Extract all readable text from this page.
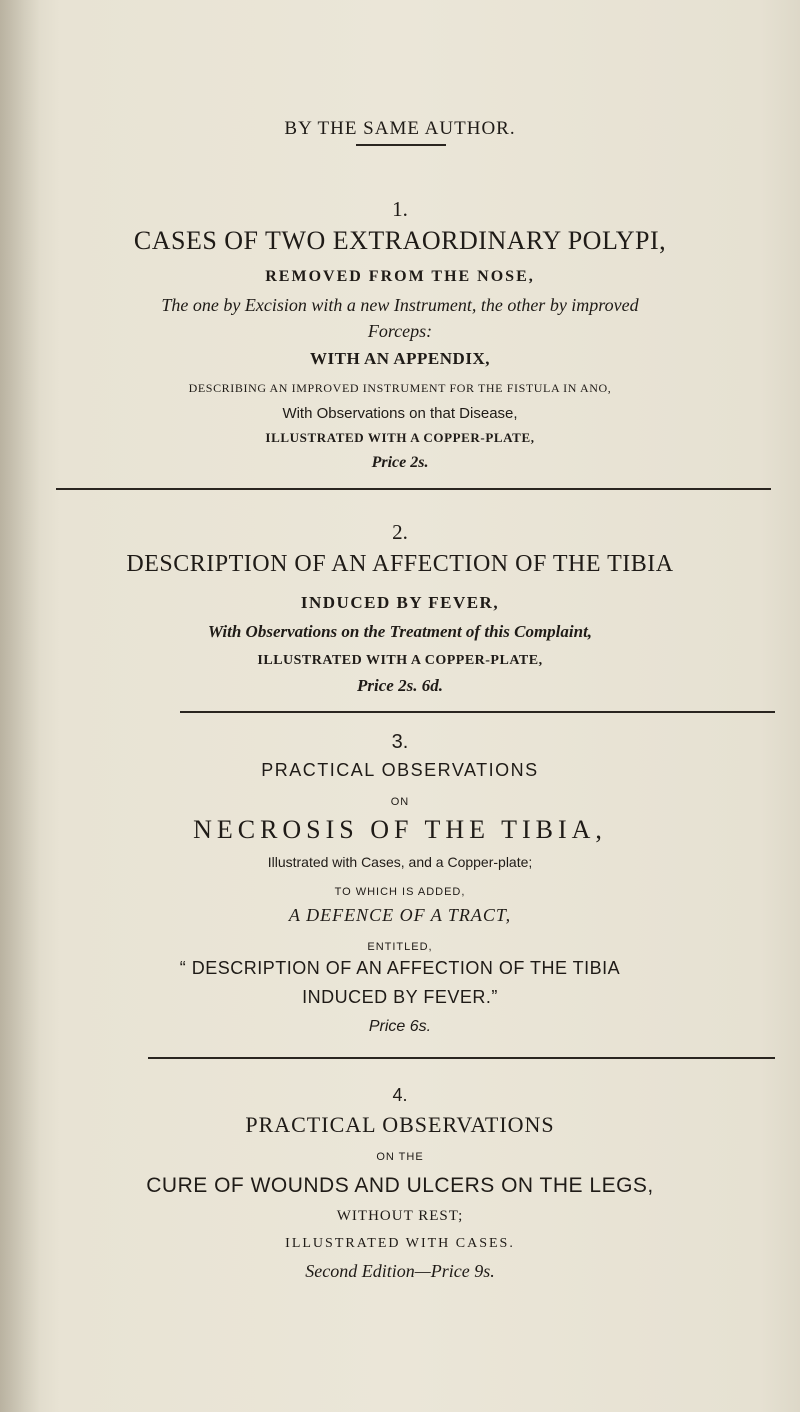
BY THE SAME AUTHOR.
1.
CASES OF TWO EXTRAORDINARY POLYPI,
REMOVED FROM THE NOSE,
The one by Excision with a new Instrument, the other by improved
Forceps:
WITH AN APPENDIX,
DESCRIBING AN IMPROVED INSTRUMENT FOR THE FISTULA IN ANO,
With Observations on that Disease,
ILLUSTRATED WITH A COPPER-PLATE,
Price 2s.
2.
DESCRIPTION OF AN AFFECTION OF THE TIBIA
INDUCED BY FEVER,
With Observations on the Treatment of this Complaint,
ILLUSTRATED WITH A COPPER-PLATE,
Price 2s. 6d.
3.
PRACTICAL OBSERVATIONS
ON
NECROSIS OF THE TIBIA,
Illustrated with Cases, and a Copper-plate;
TO WHICH IS ADDED,
A DEFENCE OF A TRACT,
ENTITLED,
“ DESCRIPTION OF AN AFFECTION OF THE TIBIA
INDUCED BY FEVER.”
Price 6s.
4.
PRACTICAL OBSERVATIONS
ON THE
CURE OF WOUNDS AND ULCERS ON THE LEGS,
WITHOUT REST;
ILLUSTRATED WITH CASES.
Second Edition—Price 9s.
